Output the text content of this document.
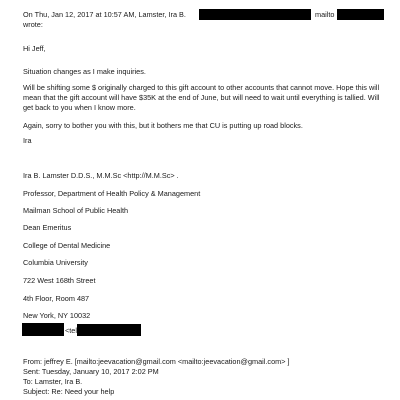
On Thu, Jan 12, 2017 at 10:57 AM, Lamster, Ira B.	mailto
wrote:
Hi Jeff,
Situation changes as I make inquiries.
Will be shifting some $ originally charged to this gift account to other accounts that cannot move. Hope this will mean that the gift account will have $35K at the end of June, but will need to wait until everything is tallied. Will get back to you when I know more.
Again, sorry to bother you with this, but it bothers me that CU is putting up road blocks.
Ira
Ira B. Lamster D.D.S., M.M.Sc <http://M.M.Sc> .
Professor, Department of Health Policy & Management
Mailman School of Public Health
Dean Emeritus
College of Dental Medicine
Columbia University
722 West 168th Street
4th Floor, Room 487
New York, NY 10032
<tel
From: jeffrey E. [mailto:jeevacation@gmail.com <mailto:jeevacation@gmail.com> ]
Sent: Tuesday, January 10, 2017 2:02 PM
To: Lamster, Ira B.
Subject: Re: Need your help
